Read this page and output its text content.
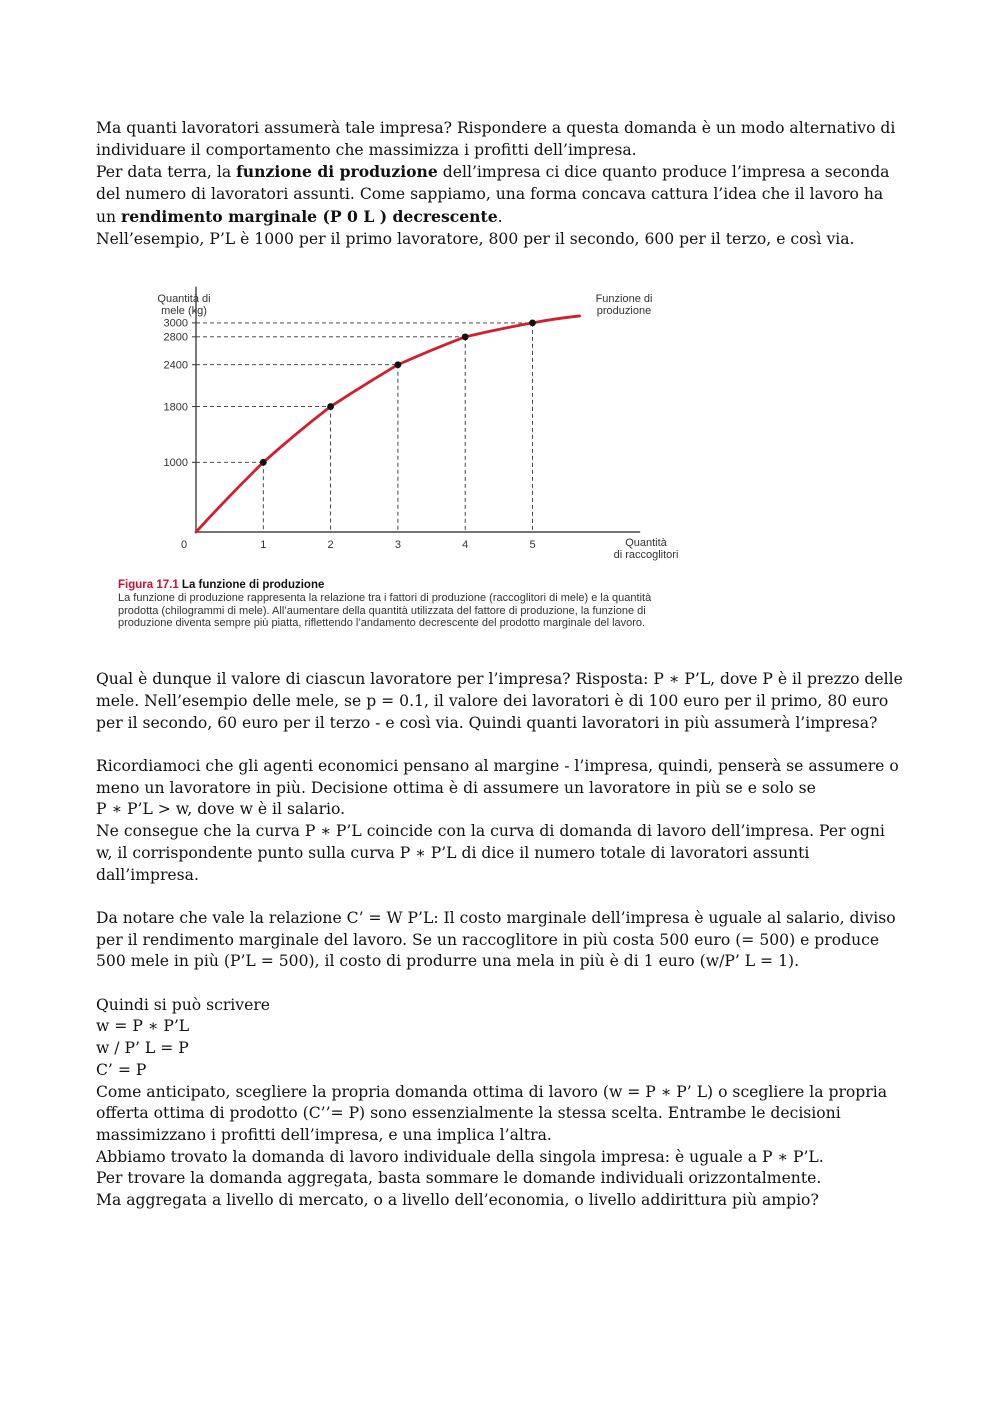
Ma quanti lavoratori assumerà tale impresa? Rispondere a questa domanda è un modo alternativo di individuare il comportamento che massimizza i profitti dell’impresa.

Per data terra, la funzione di produzione dell’impresa ci dice quanto produce l’impresa a seconda del numero di lavoratori assunti. Come sappiamo, una forma concava cattura l’idea che il lavoro ha un rendimento marginale (P 0 L ) decrescente.

Nell’esempio, P’L è 1000 per il primo lavoratore, 800 per il secondo, 600 per il terzo, e così via.

1000
1800
2400
2800
3000
1	2	3	4	5
0
Quantità di
mele (kg)
Quantità
di raccoglitori
Funzione di
produzione
Figura 17.1 La funzione di produzione
La funzione di produzione rappresenta la relazione tra i fattori di produzione (raccoglitori di mele) e la quantità prodotta (chilogrammi di mele). All’aumentare della quantità utilizzata del fattore di produzione, la funzione di produzione diventa sempre più piatta, riflettendo l’andamento decrescente del prodotto marginale del lavoro.

Qual è dunque il valore di ciascun lavoratore per l’impresa? Risposta: P ∗ P’L, dove P è il prezzo delle mele. Nell’esempio delle mele, se p = 0.1, il valore dei lavoratori è di 100 euro per il primo, 80 euro per il secondo, 60 euro per il terzo - e così via. Quindi quanti lavoratori in più assumerà l’impresa?

Ricordiamoci che gli agenti economici pensano al margine - l’impresa, quindi, penserà se assumere o meno un lavoratore in più. Decisione ottima è di assumere un lavoratore in più se e solo se

P ∗ P’L > w, dove w è il salario.

Ne consegue che la curva P ∗ P’L coincide con la curva di domanda di lavoro dell’impresa. Per ogni w, il corrispondente punto sulla curva P ∗ P’L di dice il numero totale di lavoratori assunti dall’impresa.

Da notare che vale la relazione C’ = W P’L: Il costo marginale dell’impresa è uguale al salario, diviso per il rendimento marginale del lavoro. Se un raccoglitore in più costa 500 euro (= 500) e produce 500 mele in più (P’L = 500), il costo di produrre una mela in più è di 1 euro (w/P’ L = 1).

Quindi si può scrivere

w = P ∗ P’L

w / P’ L = P

C’ = P

Come anticipato, scegliere la propria domanda ottima di lavoro (w = P ∗ P’ L) o scegliere la propria offerta ottima di prodotto (C’’= P) sono essenzialmente la stessa scelta. Entrambe le decisioni massimizzano i profitti dell’impresa, e una implica l’altra.

Abbiamo trovato la domanda di lavoro individuale della singola impresa: è uguale a P ∗ P’L.

Per trovare la domanda aggregata, basta sommare le domande individuali orizzontalmente.

Ma aggregata a livello di mercato, o a livello dell’economia, o livello addirittura più ampio?
